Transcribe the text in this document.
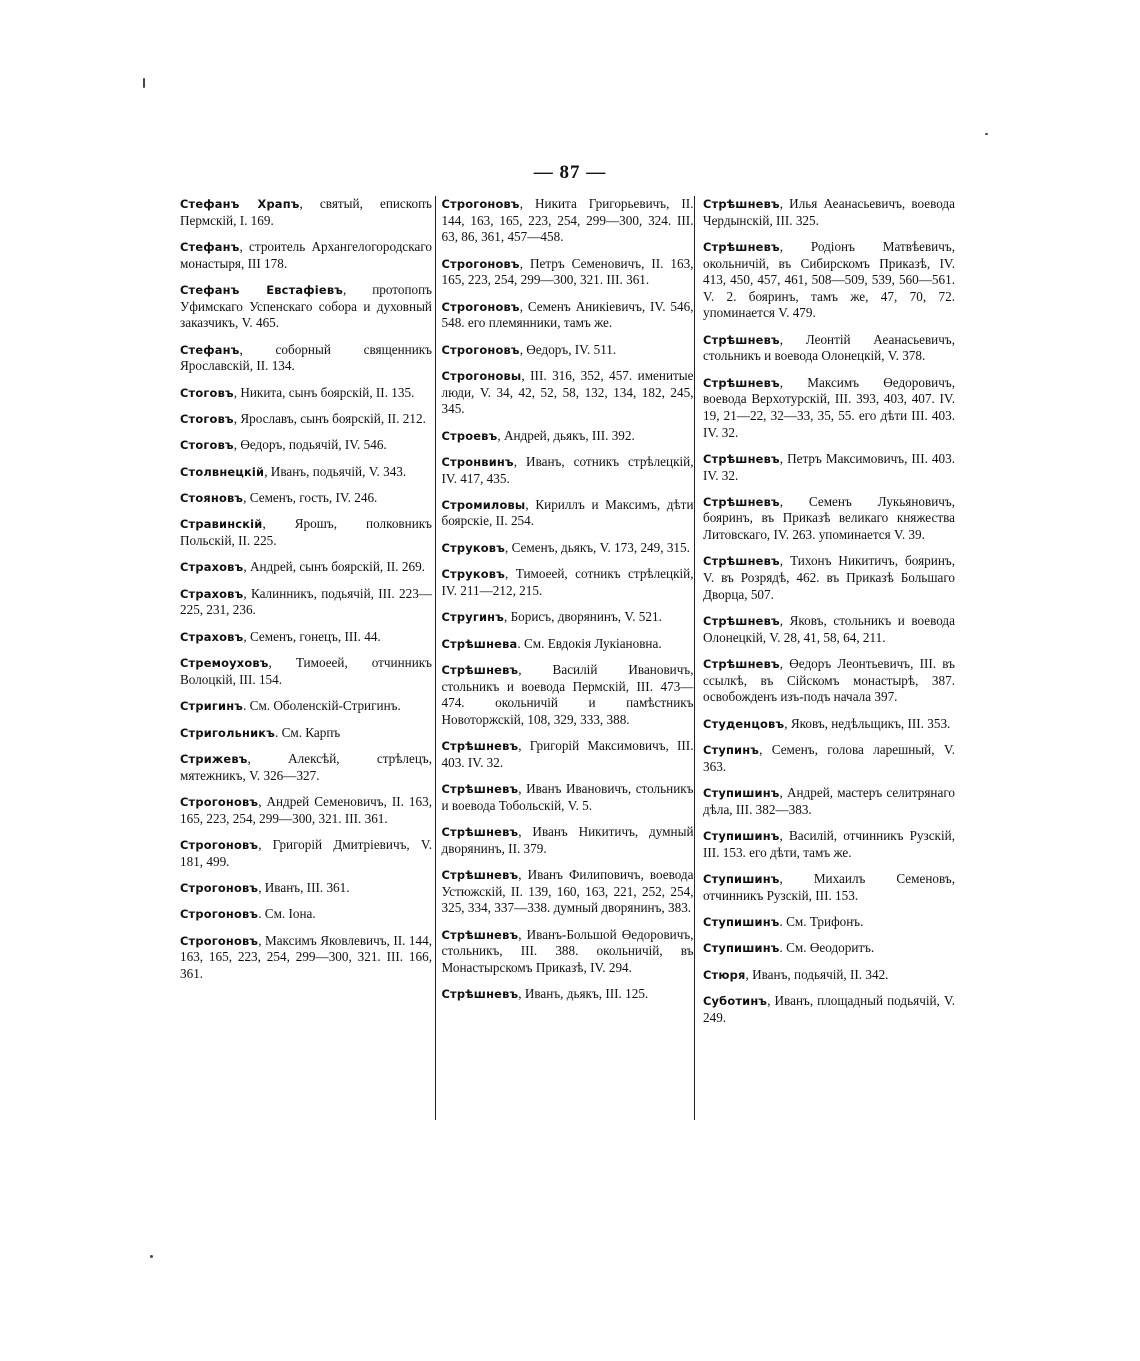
— 87 —

Стефанъ Храпъ, святый, епископъ Пермскій, I. 169.

Стефанъ, строитель Архангелогородскаго монастыря, III 178.

Стефанъ Евстафіевъ, протопопъ Уфимскаго Успенскаго собора и духовный заказчикъ, V. 465.

Стефанъ, соборный священникъ Ярославскій, II. 134.

Стоговъ, Никита, сынъ боярскій, II. 135.

Стоговъ, Ярославъ, сынъ боярскій, II. 212.

Стоговъ, Өедоръ, подьячій, IV. 546.

Столвнецкій, Иванъ, подьячій, V. 343.

Стояновъ, Семенъ, гость, IV. 246.

Стравинскій, Ярошъ, полковникъ Польскій, II. 225.

Страховъ, Андрей, сынъ боярскій, II. 269.

Страховъ, Калинникъ, подьячій, III. 223—225, 231, 236.

Страховъ, Семенъ, гонецъ, III. 44.

Стремоуховъ, Тимоеей, отчинникъ Волоцкій, III. 154.

Стригинъ. См. Оболенскій-Стригинъ.

Стригольникъ. См. Карпъ

Стрижевъ, Алексѣй, стрѣлецъ, мятежникъ, V. 326—327.

Строгоновъ, Андрей Семеновичъ, II. 163, 165, 223, 254, 299—300, 321. III. 361.

Строгоновъ, Григорій Дмитріевичъ, V. 181, 499.

Строгоновъ, Иванъ, III. 361.

Строгоновъ. См. Іона.

Строгоновъ, Максимъ Яковлевичъ, II. 144, 163, 165, 223, 254, 299—300, 321. III. 166, 361.

Строгоновъ, Никита Григорьевичъ, II. 144, 163, 165, 223, 254, 299—300, 324. III. 63, 86, 361, 457—458.

Строгоновъ, Петръ Семеновичъ, II. 163, 165, 223, 254, 299—300, 321. III. 361.

Строгоновъ, Семенъ Аникіевичъ, IV. 546, 548. его племянники, тамъ же.

Строгоновъ, Өедоръ, IV. 511.

Строгоновы, III. 316, 352, 457. именитые люди, V. 34, 42, 52, 58, 132, 134, 182, 245, 345.

Строевъ, Андрей, дьякъ, III. 392.

Стронвинъ, Иванъ, сотникъ стрѣлецкій, IV. 417, 435.

Стромиловы, Кириллъ и Максимъ, дѣти боярскіе, II. 254.

Струковъ, Семенъ, дьякъ, V. 173, 249, 315.

Струковъ, Тимоеей, сотникъ стрѣлецкій, IV. 211—212, 215.

Стругинъ, Борисъ, дворянинъ, V. 521.

Стрѣшнева. См. Евдокія Лукіановна.

Стрѣшневъ, Василій Ивановичъ, стольникъ и воевода Пермскій, III. 473—474. окольничій и памѣстникъ Новоторжскій, 108, 329, 333, 388.

Стрѣшневъ, Григорій Максимовичъ, III. 403. IV. 32.

Стрѣшневъ, Иванъ Ивановичъ, стольникъ и воевода Тобольскій, V. 5.

Стрѣшневъ, Иванъ Никитичъ, думный дворянинъ, II. 379.

Стрѣшневъ, Иванъ Филиповичъ, воевода Устюжскій, II. 139, 160, 163, 221, 252, 254, 325, 334, 337—338. думный дворянинъ, 383.

Стрѣшневъ, Иванъ-Большой Өедоровичъ, стольникъ, III. 388. окольничій, въ Монастырскомъ Приказѣ, IV. 294.

Стрѣшневъ, Иванъ, дьякъ, III. 125.

Стрѣшневъ, Илья Аеанасьевичъ, воевода Чердынскій, III. 325.

Стрѣшневъ, Родіонъ Матвѣевичъ, окольничій, въ Сибирскомъ Приказѣ, IV. 413, 450, 457, 461, 508—509, 539, 560—561. V. 2. бояринъ, тамъ же, 47, 70, 72. упоминается V. 479.

Стрѣшневъ, Леонтій Аеанасьевичъ, стольникъ и воевода Олонецкій, V. 378.

Стрѣшневъ, Максимъ Өедоровичъ, воевода Верхотурскій, III. 393, 403, 407. IV. 19, 21—22, 32—33, 35, 55. его дѣти III. 403. IV. 32.

Стрѣшневъ, Петръ Максимовичъ, III. 403. IV. 32.

Стрѣшневъ, Семенъ Лукьяновичъ, бояринъ, въ Приказѣ великаго княжества Литовскаго, IV. 263. упоминается V. 39.

Стрѣшневъ, Тихонъ Никитичъ, бояринъ, V. въ Розрядѣ, 462. въ Приказѣ Большаго Дворца, 507.

Стрѣшневъ, Яковъ, стольникъ и воевода Олонецкій, V. 28, 41, 58, 64, 211.

Стрѣшневъ, Өедоръ Леонтьевичъ, III. въ ссылкѣ, въ Сійскомъ монастырѣ, 387. освобожденъ изъ-подъ начала 397.

Студенцовъ, Яковъ, недѣльщикъ, III. 353.

Ступинъ, Семенъ, голова ларешный, V. 363.

Ступишинъ, Андрей, мастеръ селитрянаго дѣла, III. 382—383.

Ступишинъ, Василій, отчинникъ Рузскій, III. 153. его дѣти, тамъ же.

Ступишинъ, Михаилъ Семеновъ, отчинникъ Рузскій, III. 153.

Ступишинъ. См. Трифонъ.

Ступишинъ. См. Өеодоритъ.

Стюря, Иванъ, подьячій, II. 342.

Суботинъ, Иванъ, площадный подьячій, V. 249.
